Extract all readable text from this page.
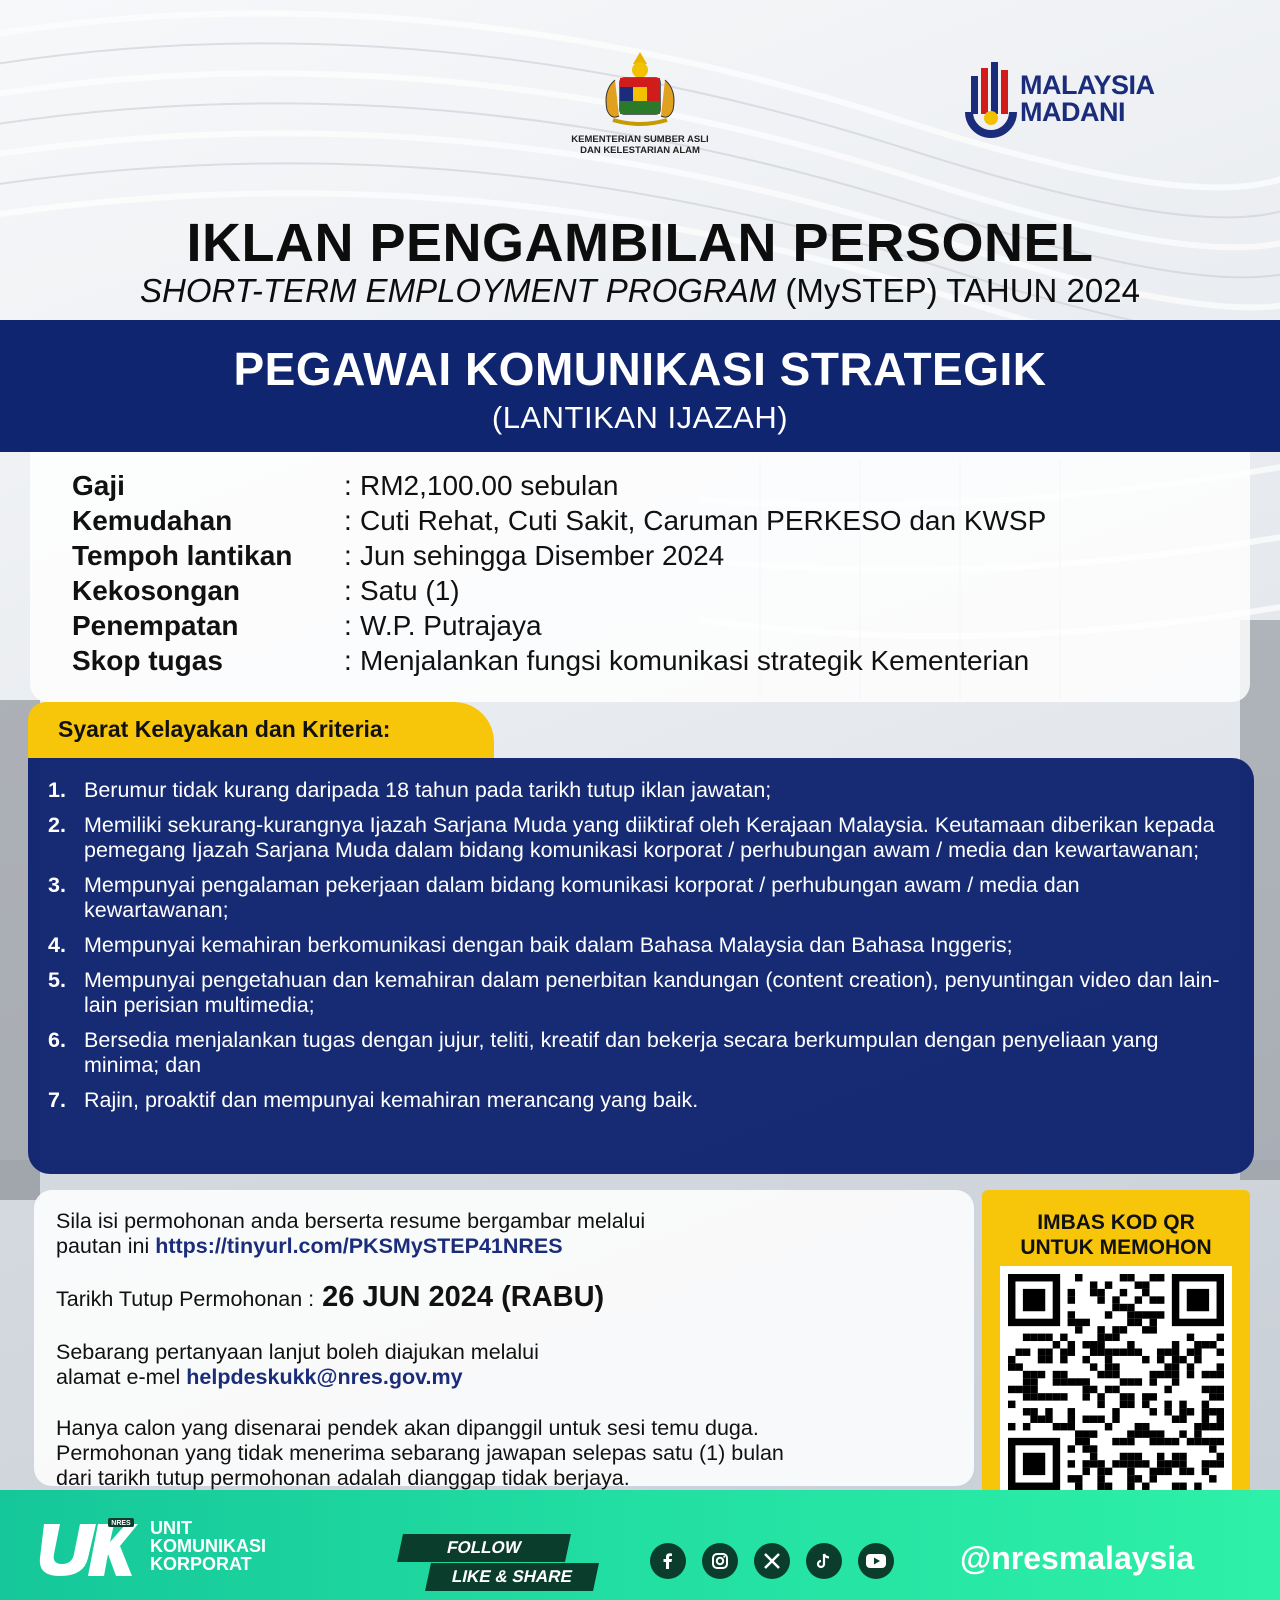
KEMENTERIAN SUMBER ASLI
DAN KELESTARIAN ALAM
MALAYSIA
MADANI
IKLAN PENGAMBILAN PERSONEL
SHORT-TERM EMPLOYMENT PROGRAM (MySTEP) TAHUN 2024
PEGAWAI KOMUNIKASI STRATEGIK
(LANTIKAN IJAZAH)
Gaji	: RM2,100.00 sebulan
Kemudahan	: Cuti Rehat, Cuti Sakit, Caruman PERKESO dan KWSP
Tempoh lantikan	: Jun sehingga Disember 2024
Kekosongan	: Satu (1)
Penempatan	: W.P. Putrajaya
Skop tugas	: Menjalankan fungsi komunikasi strategik Kementerian
Syarat Kelayakan dan Kriteria:
1. Berumur tidak kurang daripada 18 tahun pada tarikh tutup iklan jawatan;
2. Memiliki sekurang-kurangnya Ijazah Sarjana Muda yang diiktiraf oleh Kerajaan Malaysia. Keutamaan diberikan kepada pemegang Ijazah Sarjana Muda dalam bidang komunikasi korporat / perhubungan awam / media dan kewartawanan;
3. Mempunyai pengalaman pekerjaan dalam bidang komunikasi korporat / perhubungan awam / media dan kewartawanan;
4. Mempunyai kemahiran berkomunikasi dengan baik dalam Bahasa Malaysia dan Bahasa Inggeris;
5. Mempunyai pengetahuan dan kemahiran dalam penerbitan kandungan (content creation), penyuntingan video dan lain-lain perisian multimedia;
6. Bersedia menjalankan tugas dengan jujur, teliti, kreatif dan bekerja secara berkumpulan dengan penyeliaan yang minima; dan
7. Rajin, proaktif dan mempunyai kemahiran merancang yang baik.

Sila isi permohonan anda berserta resume bergambar melalui

pautan ini https://tinyurl.com/PKSMySTEP41NRES

Tarikh Tutup Permohonan : 26 JUN 2024 (RABU)

Sebarang pertanyaan lanjut boleh diajukan melalui

alamat e-mel helpdeskukk@nres.gov.my

Hanya calon yang disenarai pendek akan dipanggil untuk sesi temu duga.

Permohonan yang tidak menerima sebarang jawapan selepas satu (1) bulan

dari tarikh tutup permohonan adalah dianggap tidak berjaya.

IMBAS KOD QR
UNTUK MEMOHON
NRES UNIT
KOMUNIKASI
KORPORAT
FOLLOW
LIKE & SHARE
@nresmalaysia
